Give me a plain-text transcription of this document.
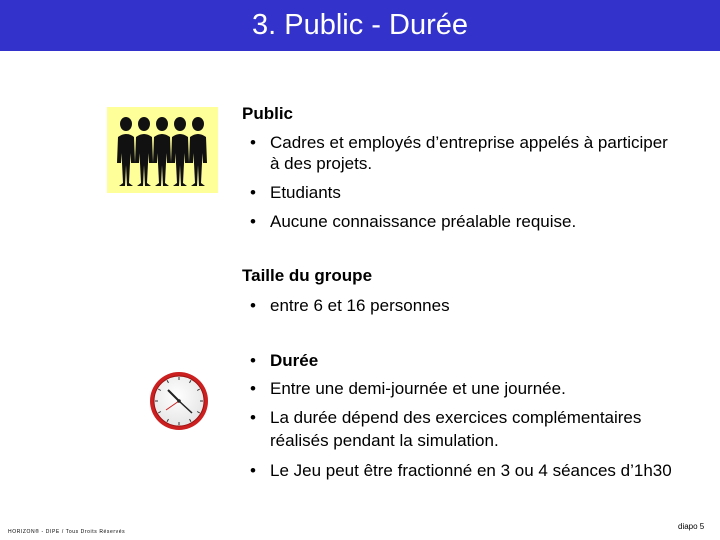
3. Public - Durée
Public
• Cadres et employés d’entreprise appelés à participer
à des projets.
• Etudiants
• Aucune connaissance préalable requise.
Taille du groupe
• entre 6 et 16 personnes
• Durée
• Entre une demi-journée et une journée.
• La durée dépend des exercices complémentaires
réalisés pendant la simulation.
• Le Jeu peut être fractionné en 3 ou 4 séances d’1h30
HORIZON® - DIPE / Tous Droits Réservés
diapo 5
